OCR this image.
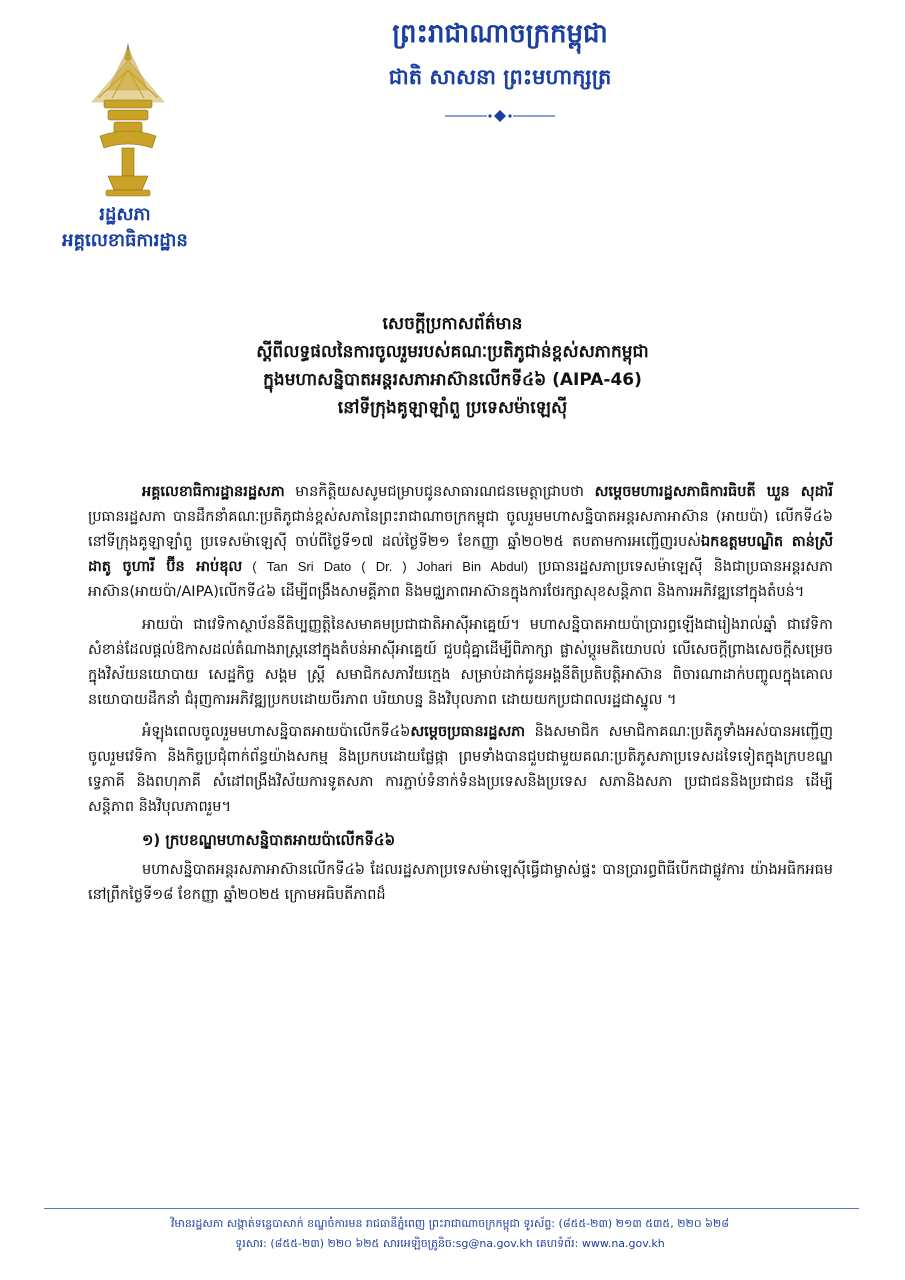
រដ្ឋសភា
អគ្គលេខាធិការដ្ឋាន
ព្រះរាជាណាចក្រកម្ពុជា
ជាតិ សាសនា ព្រះមហាក្សត្រ
សេចក្តីប្រកាសព័ត៌មាន
ស្តីពីលទ្ធផលនៃការចូលរួមរបស់គណៈប្រតិភូជាន់ខ្ពស់សភាកម្ពុជា
ក្នុងមហាសន្និបាតអន្តរសភាអាស៊ានលើកទី៤៦ (AIPA-46)
នៅទីក្រុងគូឡាឡាំពួ ប្រទេសម៉ាឡេស៊ី

អគ្គលេខាធិការដ្ឋានរដ្ឋសភា មានកិត្តិយសសូមជម្រាបជូនសាធារណជនមេត្តាជ្រាបថា សម្តេចមហារដ្ឋសភាធិការធិបតី ឃួន សុដារី ប្រធានរដ្ឋសភា បានដឹកនាំគណៈប្រតិភូជាន់ខ្ពស់សភានៃព្រះរាជាណាចក្រកម្ពុជា ចូលរួមមហាសន្និបាតអន្តរសភាអាស៊ាន (អាយប៉ា) លើកទី៤៦ នៅទីក្រុងគូឡាឡាំពួ ប្រទេសម៉ាឡេស៊ី ចាប់ពីថ្ងៃទី១៧ ដល់ថ្ងៃទី២១ ខែកញ្ញា ឆ្នាំ២០២៥ តបតាមការអញ្ជើញរបស់ឯកឧត្តមបណ្ឌិត តាន់ស្រី ដាតូ ចូហារី ប៊ីន អាប់ឌុល ( Tan Sri Dato ( Dr. ) Johari Bin Abdul) ប្រធានរដ្ឋសភាប្រទេសម៉ាឡេស៊ី និងជាប្រធានអន្តរសភាអាស៊ាន(អាយប៉ា/AIPA)លើកទី៤៦ ដើម្បីពង្រឹងសាមគ្គីភាព និងមជ្ឈភាពអាស៊ានក្នុងការថែរក្សាសុខសន្តិភាព និងការអភិវឌ្ឍនៅក្នុងតំបន់។

អាយប៉ា ជាវេទិកាស្ថាប័ននីតិប្បញ្ញត្តិនៃសមាគមប្រជាជាតិអាស៊ីអាគ្នេយ៍។ មហាសន្និបាតអាយប៉ាប្រារព្ធឡើងជារៀងរាល់ឆ្នាំ ជាវេទិកាសំខាន់ដែលផ្តល់ឱកាសដល់តំណាងរាស្ត្រនៅក្នុងតំបន់អាស៊ីអាគ្នេយ៍ ជួបជុំគ្នាដើម្បីពិភាក្សា ផ្លាស់ប្តូរមតិយោបល់ លើសេចក្តីព្រាងសេចក្តីសម្រេចក្នុងវិស័យនយោបាយ សេដ្ឋកិច្ច សង្គម ស្ត្រី សមាជិកសភាវ័យក្មេង សម្រាប់ដាក់ជូនអង្គនីតិប្រតិបត្តិអាស៊ាន ពិចារណាដាក់បញ្ចូលក្នុងគោលនយោបាយដឹកនាំ ជំរុញការអភិវឌ្ឍប្រកបដោយចីរភាព បរិយាបន្ន និងវិបុលភាព ដោយយកប្រជាពលរដ្ឋជាស្នូល ។

អំឡុងពេលចូលរួមមហាសន្និបាតអាយប៉ាលើកទី៤៦សម្តេចប្រធានរដ្ឋសភា និងសមាជិក សមាជិកាគណៈប្រតិភូទាំងអស់បានអញ្ជើញចូលរួមវេទិកា និងកិច្ចប្រជុំពាក់ព័ន្ធយ៉ាងសកម្ម និងប្រកបដោយផ្លែផ្កា ព្រមទាំងបានជួបជាមួយគណៈប្រតិភូសភាប្រទេសដទៃទៀតក្នុងក្របខណ្ឌទ្វេភាគី និងពហុភាគី សំដៅពង្រឹងវិស័យការទូតសភា ការភ្ជាប់ទំនាក់ទំនងប្រទេសនិងប្រទេស សភានិងសភា ប្រជាជននិងប្រជាជន ដើម្បីសន្តិភាព និងវិបុលភាពរួម។

១) ក្របខណ្ឌមហាសន្និបាតអាយប៉ាលើកទី៤៦

មហាសន្និបាតអន្តរសភាអាស៊ានលើកទី៤៦ ដែលរដ្ឋសភាប្រទេសម៉ាឡេស៊ីធ្វើជាម្ចាស់ផ្ទះ បានប្រារព្ធពិធីបើកជាផ្លូវការ យ៉ាងអធិកអធម នៅព្រឹកថ្ងៃទី១៨ ខែកញ្ញា ឆ្នាំ២០២៥ ក្រោមអធិបតីភាពដ៏

វិមានរដ្ឋសភា សង្កាត់ទន្លេបាសាក់ ខណ្ឌចំការមន រាជធានីភ្នំពេញ ព្រះរាជាណាចក្រកម្ពុជា ទូរស័ព្ទ: (៨៥៥-២៣) ២១៣ ៥៣៥, ២២០ ៦២៨
ទូរសារ: (៨៥៥-២៣) ២២០ ៦២៥ សារអេឡិចត្រូនិច:sg@na.gov.kh គេហទំព័រ: www.na.gov.kh
